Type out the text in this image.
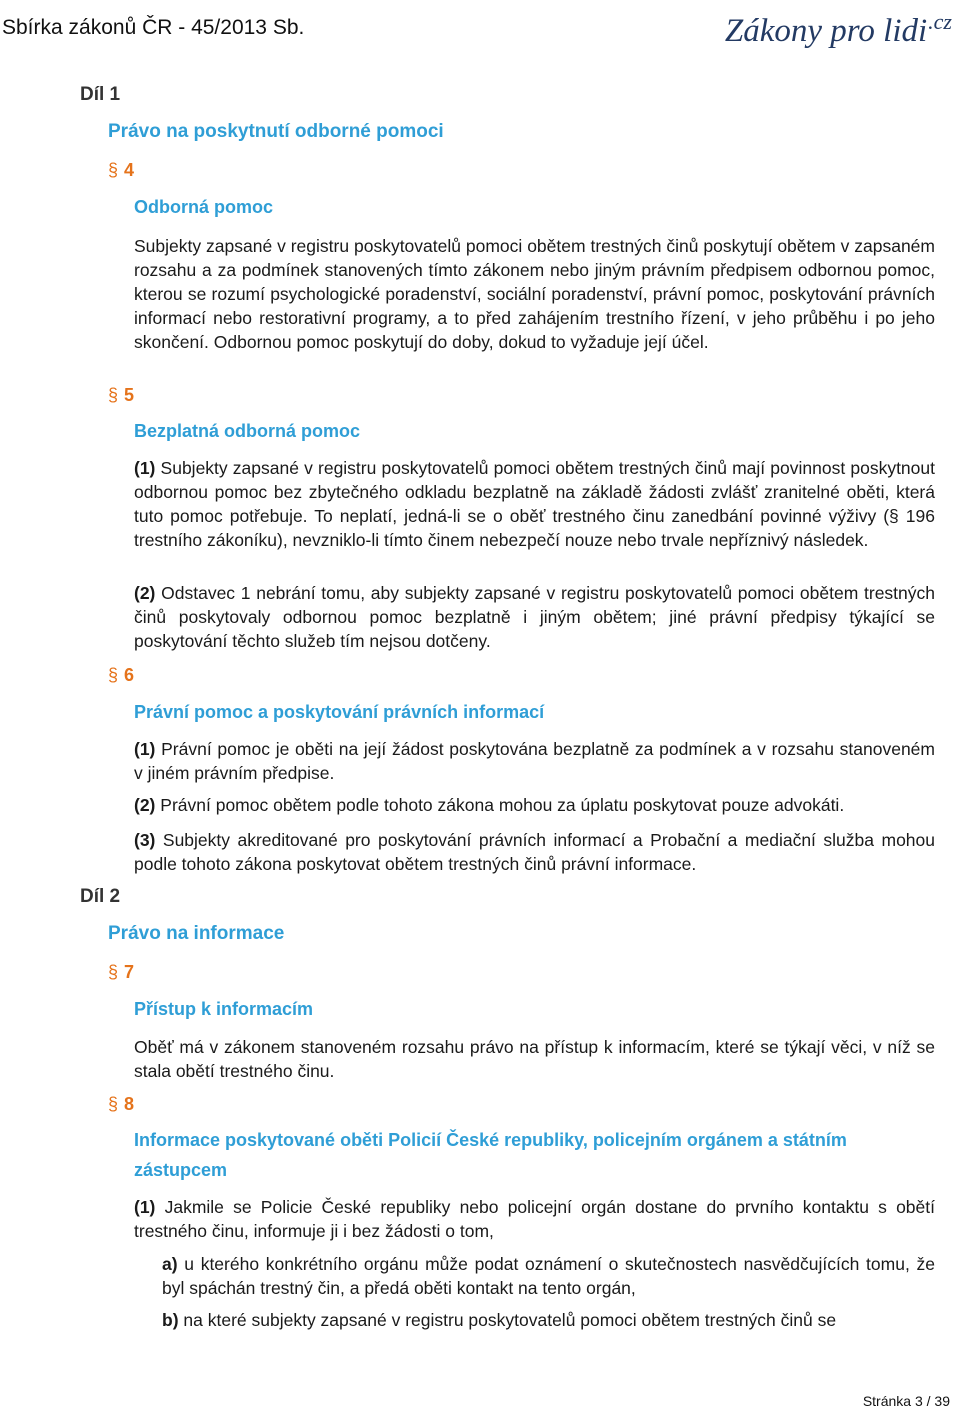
Sbírka zákonů ČR - 45/2013 Sb.	Zákony pro lidi$^{.cz}$
Díl 1
Právo na poskytnutí odborné pomoci
§ 4
Odborná pomoc
Subjekty zapsané v registru poskytovatelů pomoci obětem trestných činů poskytují obětem v zapsaném rozsahu a za podmínek stanovených tímto zákonem nebo jiným právním předpisem odbornou pomoc, kterou se rozumí psychologické poradenství, sociální poradenství, právní pomoc, poskytování právních informací nebo restorativní programy, a to před zahájením trestního řízení, v jeho průběhu i po jeho skončení. Odbornou pomoc poskytují do doby, dokud to vyžaduje její účel.
§ 5
Bezplatná odborná pomoc
(1) Subjekty zapsané v registru poskytovatelů pomoci obětem trestných činů mají povinnost poskytnout odbornou pomoc bez zbytečného odkladu bezplatně na základě žádosti zvlášť zranitelné oběti, která tuto pomoc potřebuje. To neplatí, jedná-li se o oběť trestného činu zanedbání povinné výživy (§ 196 trestního zákoníku), nevzniklo-li tímto činem nebezpečí nouze nebo trvale nepříznivý následek.
(2) Odstavec 1 nebrání tomu, aby subjekty zapsané v registru poskytovatelů pomoci obětem trestných činů poskytovaly odbornou pomoc bezplatně i jiným obětem; jiné právní předpisy týkající se poskytování těchto služeb tím nejsou dotčeny.
§ 6
Právní pomoc a poskytování právních informací
(1) Právní pomoc je oběti na její žádost poskytována bezplatně za podmínek a v rozsahu stanoveném v jiném právním předpise.
(2) Právní pomoc obětem podle tohoto zákona mohou za úplatu poskytovat pouze advokáti.
(3) Subjekty akreditované pro poskytování právních informací a Probační a mediační služba mohou podle tohoto zákona poskytovat obětem trestných činů právní informace.
Díl 2
Právo na informace
§ 7
Přístup k informacím
Oběť má v zákonem stanoveném rozsahu právo na přístup k informacím, které se týkají věci, v níž se stala obětí trestného činu.
§ 8
Informace poskytované oběti Policií České republiky, policejním orgánem a státním zástupcem
(1) Jakmile se Policie České republiky nebo policejní orgán dostane do prvního kontaktu s obětí trestného činu, informuje ji i bez žádosti o tom,
a) u kterého konkrétního orgánu může podat oznámení o skutečnostech nasvědčujících tomu, že byl spáchán trestný čin, a předá oběti kontakt na tento orgán,
b) na které subjekty zapsané v registru poskytovatelů pomoci obětem trestných činů se
Stránka 3 / 39
